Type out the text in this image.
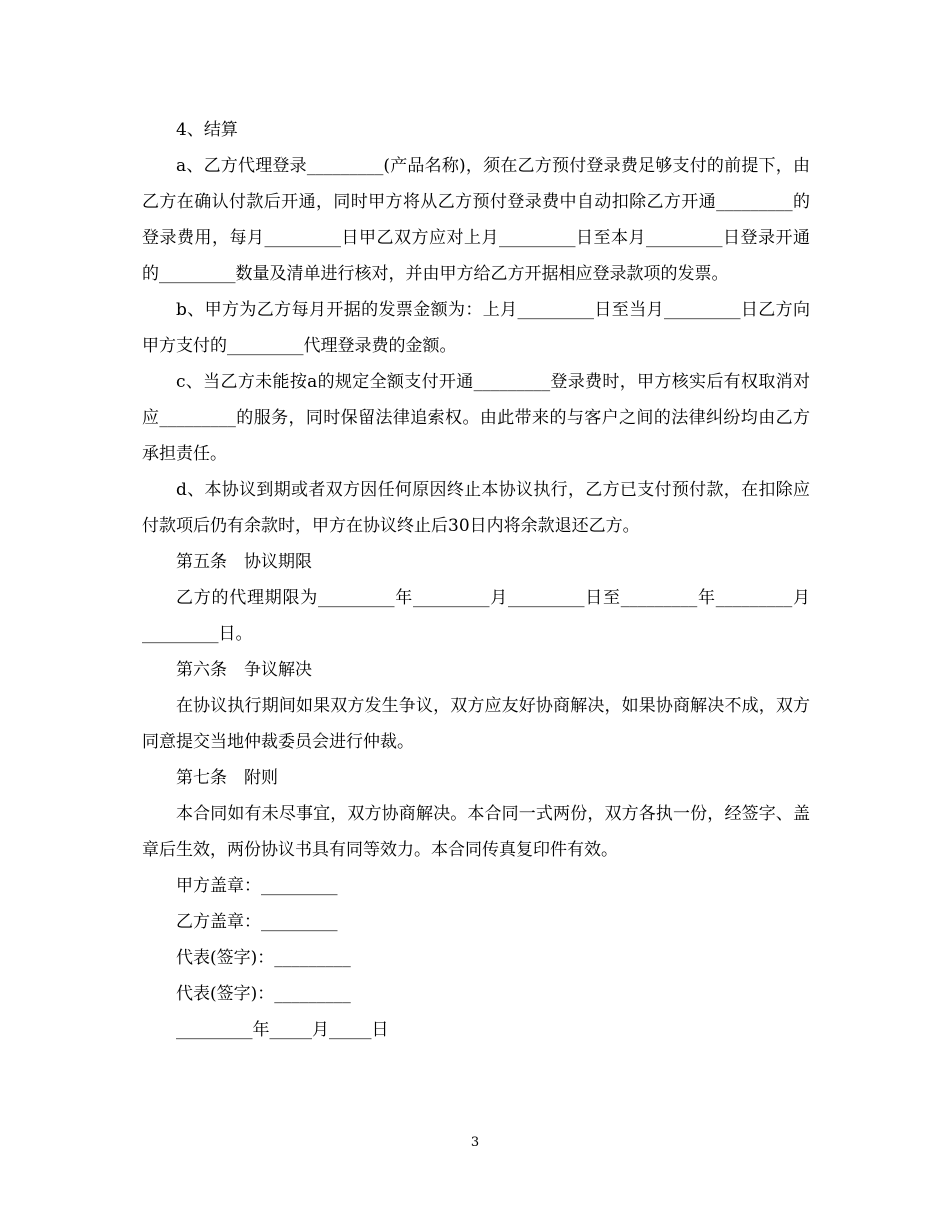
4、结算

a、乙方代理登录_________(产品名称)，须在乙方预付登录费足够支付的前提下，由乙方在确认付款后开通，同时甲方将从乙方预付登录费中自动扣除乙方开通_________的登录费用，每月_________日甲乙双方应对上月_________日至本月_________日登录开通的_________数量及清单进行核对，并由甲方给乙方开据相应登录款项的发票。

b、甲方为乙方每月开据的发票金额为：上月_________日至当月_________日乙方向甲方支付的_________代理登录费的金额。

c、当乙方未能按a的规定全额支付开通_________登录费时，甲方核实后有权取消对应_________的服务，同时保留法律追索权。由此带来的与客户之间的法律纠纷均由乙方承担责任。

d、本协议到期或者双方因任何原因终止本协议执行，乙方已支付预付款，在扣除应付款项后仍有余款时，甲方在协议终止后30日内将余款退还乙方。

第五条　协议期限

乙方的代理期限为_________年_________月_________日至_________年_________月_________日。

第六条　争议解决

在协议执行期间如果双方发生争议，双方应友好协商解决，如果协商解决不成，双方同意提交当地仲裁委员会进行仲裁。

第七条　附则

本合同如有未尽事宜，双方协商解决。本合同一式两份，双方各执一份，经签字、盖章后生效，两份协议书具有同等效力。本合同传真复印件有效。

甲方盖章：_________

乙方盖章：_________

代表(签字)：_________

代表(签字)：_________

_________年_____月_____日

3
